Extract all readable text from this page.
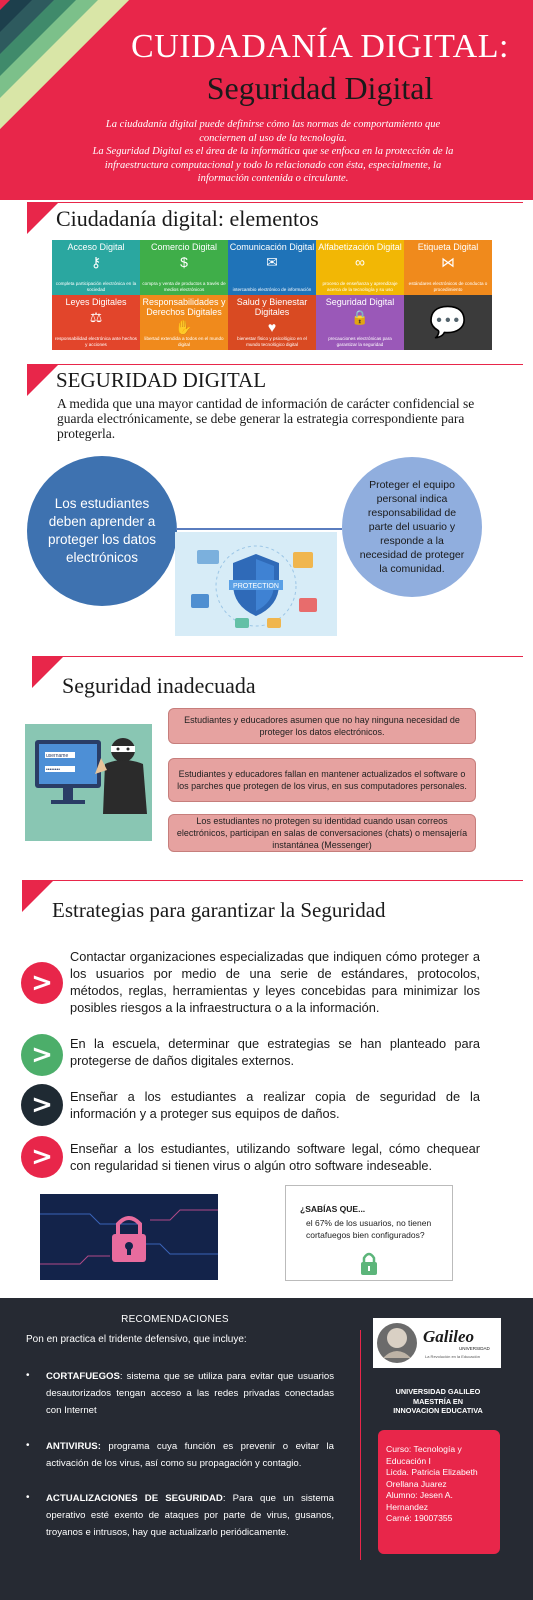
CUIDADANÍA DIGITAL:
Seguridad Digital

La ciudadanía digital puede definirse cómo las normas de comportamiento que conciernen al uso de la tecnología.

La Seguridad Digital es el área de la informática que se enfoca en la protección de la infraestructura computacional y todo lo relacionado con ésta, especialmente, la información contenida o circulante.

Ciudadanía digital: elementos
Acceso Digital
⚷
completa participación electrónica en la sociedad
Comercio Digital
$
compra y venta de productos a través de medios electrónicos
Comunicación Digital
✉
intercambio electrónico de información
Alfabetización Digital
∞
proceso de enseñanza y aprendizaje acerca de la tecnología y su uso
Etiqueta Digital
⋈
estándares electrónicos de conducta o procedimiento
Leyes Digitales
⚖
responsabilidad electrónica ante hechos y acciones
Responsabilidades y Derechos Digitales
✋
libertad extendida a todos en el mundo digital
Salud y Bienestar Digitales
♥
bienestar físico y psicológico en el mundo tecnológico digital
Seguridad Digital
🔒
precauciones electrónicas para garantizar la seguridad
💬
SEGURIDAD DIGITAL
A medida que una mayor cantidad de información de carácter confidencial se guarda electrónicamente, se debe generar la estrategia correspondiente para protegerla.
Los estudiantes deben aprender a proteger los datos electrónicos
Proteger el equipo personal indica responsabilidad de parte del usuario y responde a la necesidad de proteger la comunidad.
PROTECTION
Seguridad inadecuada
username
••••••••
Estudiantes y educadores asumen que no hay ninguna necesidad de proteger los datos electrónicos.
Estudiantes y educadores fallan en mantener actualizados el software o los parches que protegen de los virus, en sus computadores personales.
Los estudiantes no protegen su identidad cuando usan correos electrónicos, participan en salas de conversaciones (chats) o mensajería instantánea (Messenger)
Estrategias para garantizar la Seguridad
>
Contactar organizaciones especializadas que indiquen cómo proteger a los usuarios por medio de una serie de estándares, protocolos, métodos, reglas, herramientas y leyes concebidas para minimizar los posibles riesgos a la infraestructura o a la información.
>	En la escuela, determinar que estrategias se han planteado para protegerse de daños digitales externos.
>	Enseñar a los estudiantes a realizar copia de seguridad de la información y a proteger sus equipos de daños.
>	Enseñar a los estudiantes, utilizando software legal, cómo chequear con regularidad si tienen virus o algún otro software indeseable.
¿SABÍAS QUE...
el 67% de los usuarios, no tienen cortafuegos bien configurados?
RECOMENDACIONES
Pon en practica el tridente defensivo, que incluye:
• CORTAFUEGOS: sistema que se utiliza para evitar que usuarios desautorizados tengan acceso a las redes privadas conectadas con Internet
• ANTIVIRUS: programa cuya función es prevenir o evitar la activación de los virus, así como su propagación y contagio.
• ACTUALIZACIONES DE SEGURIDAD: Para que un sistema operativo esté exento de ataques por parte de virus, gusanos, troyanos e intrusos, hay que actualizarlo periódicamente.
Galileo
UNIVERSIDAD
La Revolución en la Educación
UNIVERSIDAD GALILEO
MAESTRÍA EN
INNOVACION EDUCATIVA
Curso: Tecnología y Educación I
Licda. Patricia Elizabeth Orellana Juarez
Alumno: Jesen A. Hernandez
Carné: 19007355
